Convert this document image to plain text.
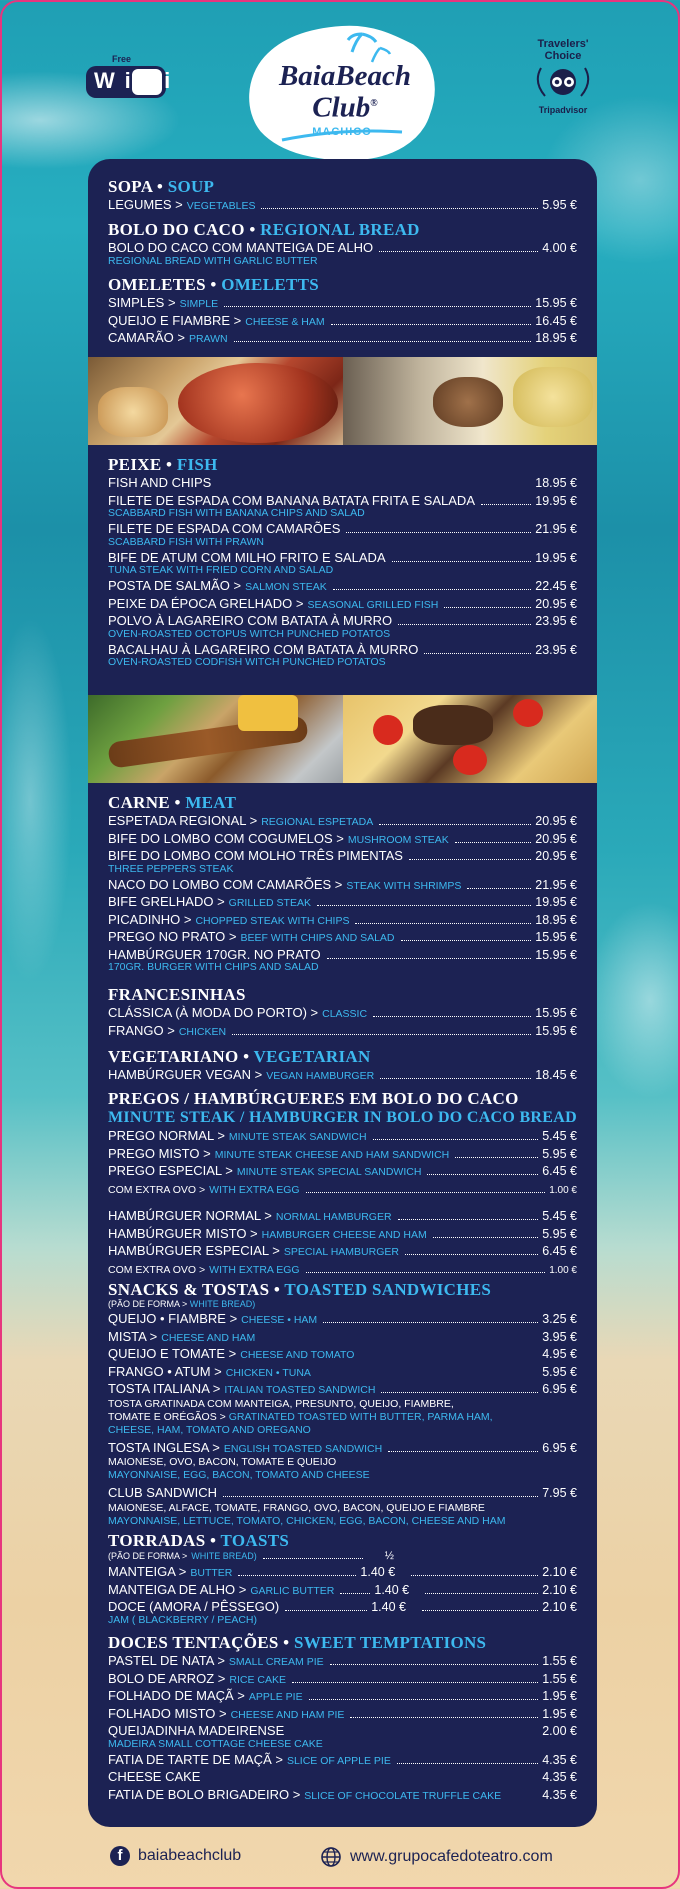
Free
WiFi	BaiaBeach
Club®
MACHICO
Travelers'
Choice
Tripadvisor
SOPA • SOUP
LEGUMES > VEGETABLES	5.95 €
BOLO DO CACO • REGIONAL BREAD
BOLO DO CACO COM MANTEIGA DE ALHO	4.00 €
REGIONAL BREAD WITH GARLIC BUTTER
OMELETES • OMELETTS
SIMPLES > SIMPLE	15.95 €
QUEIJO E FIAMBRE > CHEESE & HAM	16.45 €
CAMARÃO > PRAWN	18.95 €
PEIXE • FISH
FISH AND CHIPS	18.95 €
FILETE DE ESPADA COM BANANA BATATA FRITA E SALADA	19.95 €
SCABBARD FISH WITH BANANA CHIPS AND SALAD
FILETE DE ESPADA COM CAMARÕES	21.95 €
SCABBARD FISH WITH PRAWN
BIFE DE ATUM COM MILHO FRITO E SALADA	19.95 €
TUNA STEAK WITH FRIED CORN AND SALAD
POSTA DE SALMÃO > SALMON STEAK	22.45 €
PEIXE DA ÉPOCA GRELHADO > SEASONAL GRILLED FISH	20.95 €
POLVO À LAGAREIRO COM BATATA À MURRO	23.95 €
OVEN-ROASTED OCTOPUS WITCH PUNCHED POTATOS
BACALHAU À LAGAREIRO COM BATATA À MURRO	23.95 €
OVEN-ROASTED CODFISH WITCH PUNCHED POTATOS
CARNE • MEAT
ESPETADA REGIONAL > REGIONAL ESPETADA	20.95 €
BIFE DO LOMBO COM COGUMELOS > MUSHROOM STEAK	20.95 €
BIFE DO LOMBO COM MOLHO TRÊS PIMENTAS	20.95 €
THREE PEPPERS STEAK
NACO DO LOMBO COM CAMARÕES > STEAK WITH SHRIMPS	21.95 €
BIFE GRELHADO > GRILLED STEAK	19.95 €
PICADINHO > CHOPPED STEAK WITH CHIPS	18.95 €
PREGO NO PRATO > BEEF WITH CHIPS AND SALAD	15.95 €
HAMBÚRGUER 170GR. NO PRATO	15.95 €
170GR. BURGER WITH CHIPS AND SALAD
FRANCESINHAS
CLÁSSICA (À MODA DO PORTO) > CLASSIC	15.95 €
FRANGO > CHICKEN	15.95 €
VEGETARIANO • VEGETARIAN
HAMBÚRGUER VEGAN > VEGAN HAMBURGER	18.45 €
PREGOS / HAMBÚRGUERES EM BOLO DO CACO
MINUTE STEAK / HAMBURGER IN BOLO DO CACO BREAD
PREGO NORMAL > MINUTE STEAK SANDWICH	5.45 €
PREGO MISTO > MINUTE STEAK CHEESE AND HAM SANDWICH	5.95 €
PREGO ESPECIAL > MINUTE STEAK SPECIAL SANDWICH	6.45 €
COM EXTRA OVO > WITH EXTRA EGG	1.00 €
HAMBÚRGUER NORMAL > NORMAL HAMBURGER	5.45 €
HAMBÚRGUER MISTO > HAMBURGER CHEESE AND HAM	5.95 €
HAMBÚRGUER ESPECIAL > SPECIAL HAMBURGER	6.45 €
COM EXTRA OVO > WITH EXTRA EGG	1.00 €
SNACKS & TOSTAS • TOASTED SANDWICHES
(PÃO DE FORMA > WHITE BREAD)
QUEIJO • FIAMBRE > CHEESE • HAM	3.25 €
MISTA > CHEESE AND HAM	3.95 €
QUEIJO E TOMATE > CHEESE AND TOMATO	4.95 €
FRANGO • ATUM > CHICKEN • TUNA	5.95 €
TOSTA ITALIANA > ITALIAN TOASTED SANDWICH	6.95 €
TOSTA GRATINADA COM MANTEIGA, PRESUNTO, QUEIJO, FIAMBRE,
TOMATE E ORÉGÃOS > GRATINATED TOASTED WITH BUTTER, PARMA HAM,
CHEESE, HAM, TOMATO AND OREGANO
TOSTA INGLESA > ENGLISH TOASTED SANDWICH	6.95 €
MAIONESE, OVO, BACON, TOMATE E QUEIJO
MAYONNAISE, EGG, BACON, TOMATO AND CHEESE
CLUB SANDWICH	7.95 €
MAIONESE, ALFACE, TOMATE, FRANGO, OVO, BACON, QUEIJO E FIAMBRE
MAYONNAISE, LETTUCE, TOMATO, CHICKEN, EGG, BACON, CHEESE AND HAM
TORRADAS • TOASTS
(PÃO DE FORMA > WHITE BREAD)	½
MANTEIGA > BUTTER	1.40 €	2.10 €
MANTEIGA DE ALHO > GARLIC BUTTER	1.40 €	2.10 €
DOCE (AMORA / PÊSSEGO)	1.40 €	2.10 €
JAM ( BLACKBERRY / PEACH)
DOCES TENTAÇÕES • SWEET TEMPTATIONS
PASTEL DE NATA > SMALL CREAM PIE	1.55 €
BOLO DE ARROZ > RICE CAKE	1.55 €
FOLHADO DE MAÇÃ > APPLE PIE	1.95 €
FOLHADO MISTO > CHEESE AND HAM PIE	1.95 €
QUEIJADINHA MADEIRENSE	2.00 €
MADEIRA SMALL COTTAGE CHEESE CAKE
FATIA DE TARTE DE MAÇÃ > SLICE OF APPLE PIE	4.35 €
CHEESE CAKE	4.35 €
FATIA DE BOLO BRIGADEIRO > SLICE OF CHOCOLATE TRUFFLE CAKE	4.35 €
f baiabeachclub	www.grupocafedoteatro.com
